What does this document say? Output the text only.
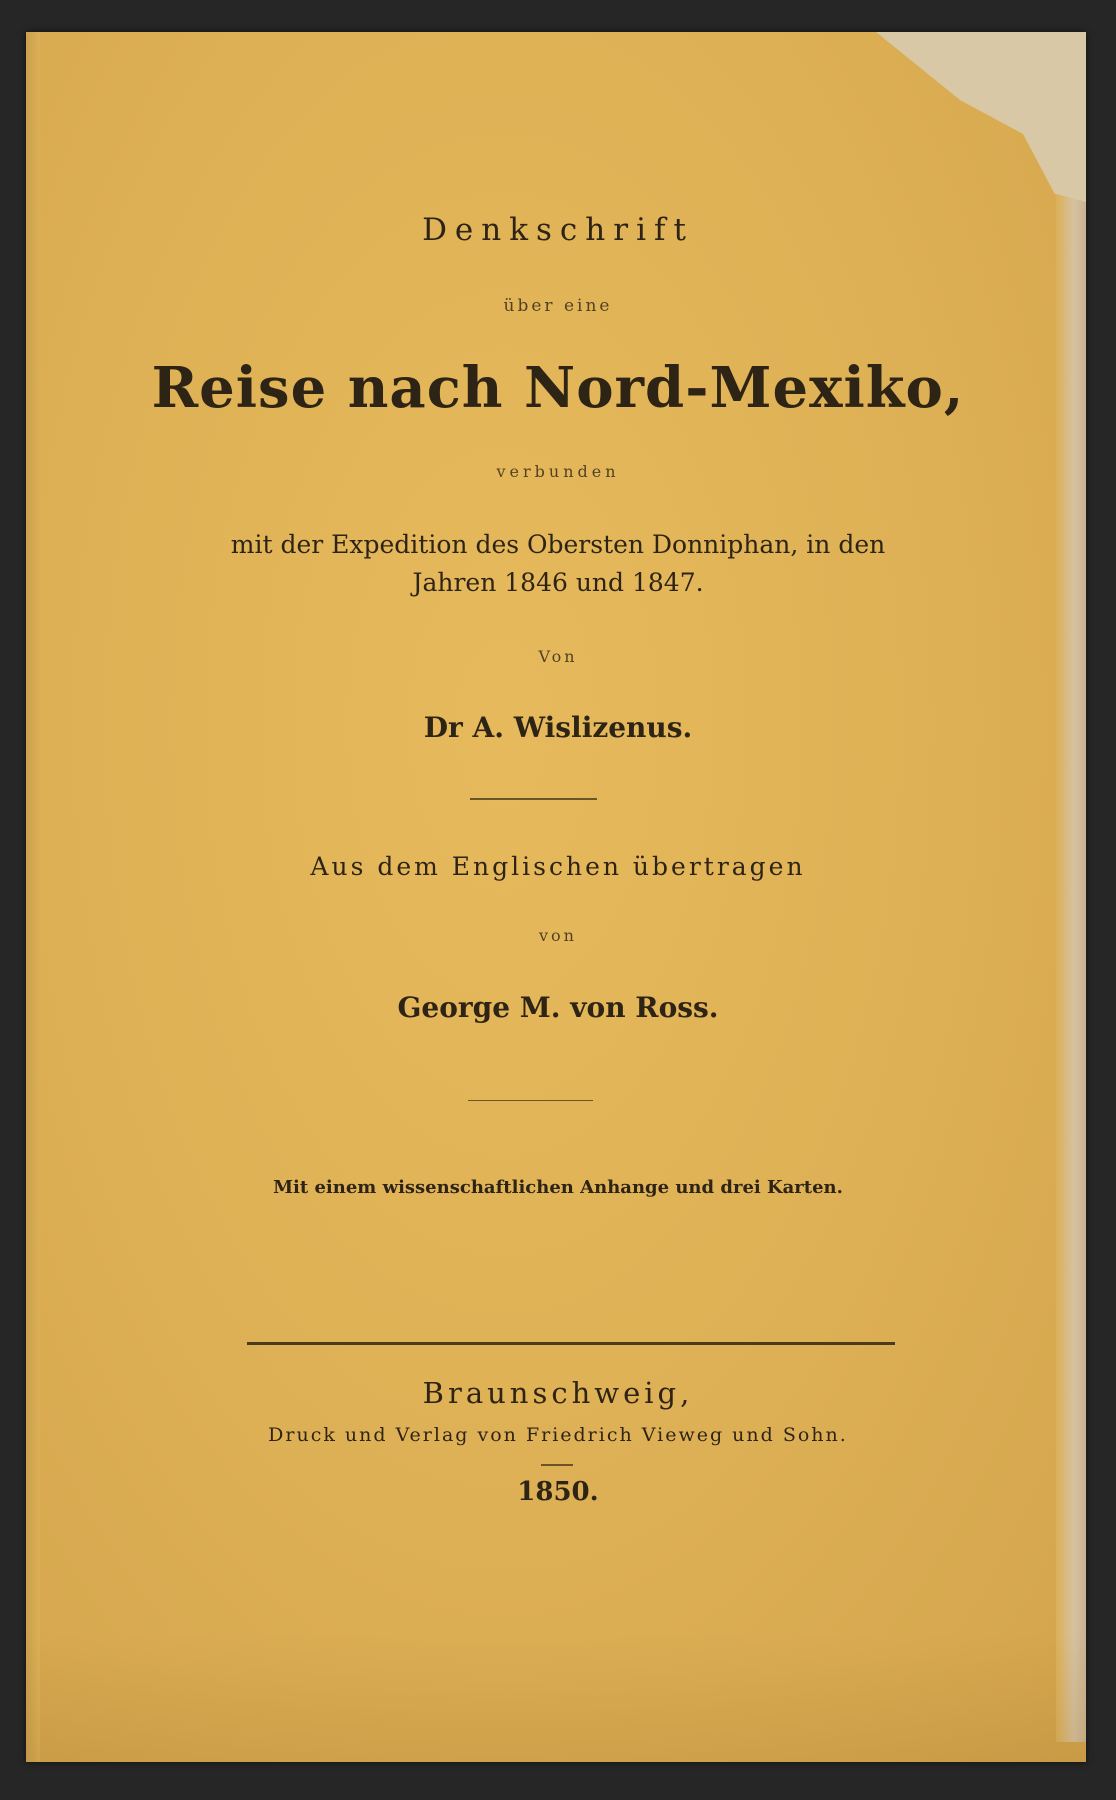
Denkschrift
über eine
Reise nach Nord-Mexiko,
verbunden
mit der Expedition des Obersten Donniphan, in den
Jahren 1846 und 1847.
Von
Dr A. Wislizenus.
Aus dem Englischen übertragen
von
George M. von Ross.
Mit einem wissenschaftlichen Anhange und drei Karten.
Braunschweig,
Druck und Verlag von Friedrich Vieweg und Sohn.
1850.
